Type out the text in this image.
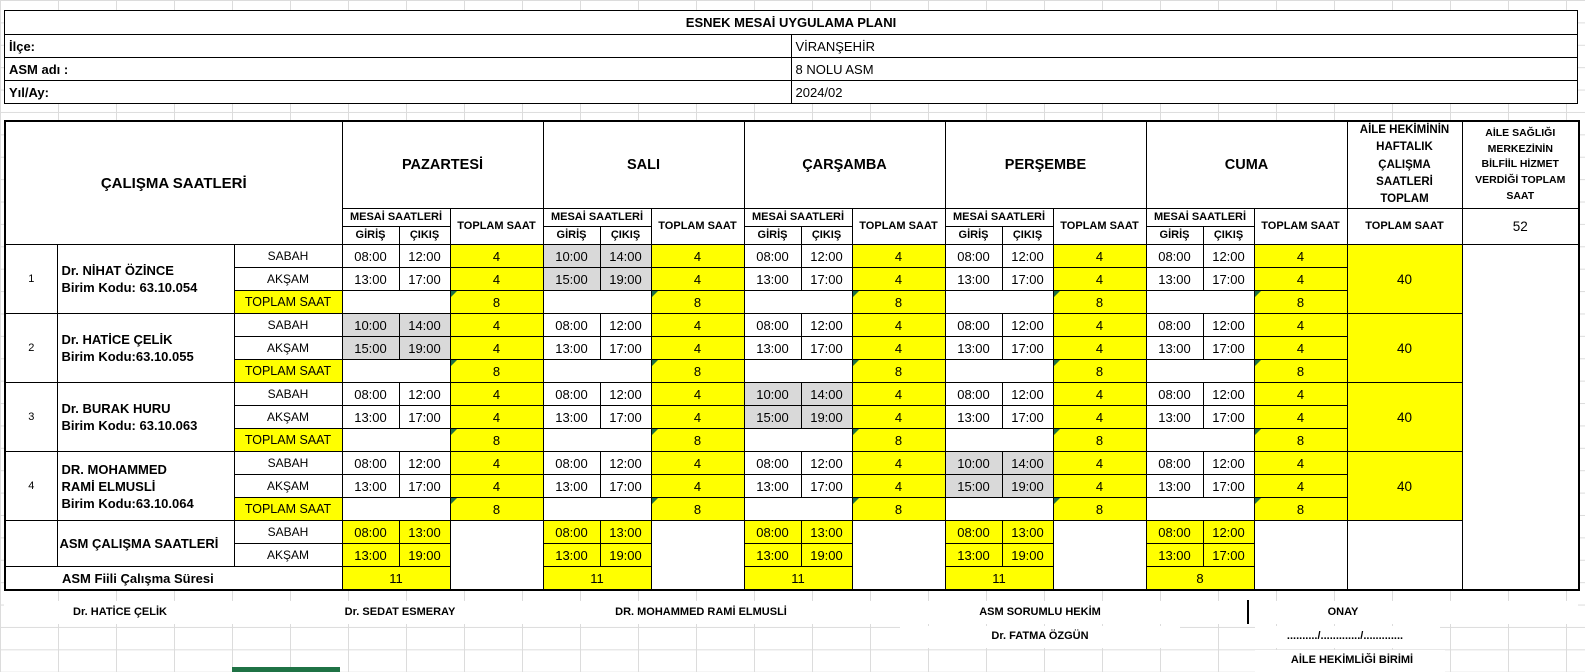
ESNEK MESAİ UYGULAMA PLANI	
İlçe:	VİRANŞEHİR
ASM adı :	8 NOLU ASM
Yıl/Ay:	2024/02
ÇALIŞMA SAATLERİ			PAZARTESİ			SALI			ÇARŞAMBA			PERŞEMBE			CUMA			AİLE HEKİMİNİN HAFTALIK ÇALIŞMA SAATLERİ TOPLAM	AİLE SAĞLIĞI MERKEZİNİN BİLFİİL HİZMET VERDİĞİ TOPLAM SAAT
			MESAİ SAATLERİ		TOPLAM SAAT	MESAİ SAATLERİ		TOPLAM SAAT	MESAİ SAATLERİ		TOPLAM SAAT	MESAİ SAATLERİ		TOPLAM SAAT	MESAİ SAATLERİ		TOPLAM SAAT	TOPLAM SAAT	52
			GİRİŞ	ÇIKIŞ		GİRİŞ	ÇIKIŞ		GİRİŞ	ÇIKIŞ		GİRİŞ	ÇIKIŞ		GİRİŞ	ÇIKIŞ			
1	Dr. NİHAT ÖZİNCE
Birim Kodu: 63.10.054	SABAH	08:00	12:00	4	10:00	14:00	4	08:00	12:00	4	08:00	12:00	4	08:00	12:00	4	40	
		AKŞAM	13:00	17:00	4	15:00	19:00	4	13:00	17:00	4	13:00	17:00	4	13:00	17:00	4		
		TOPLAM SAAT			8			8			8			8			8		
2	Dr. HATİCE ÇELİK
Birim Kodu:63.10.055	SABAH	10:00	14:00	4	08:00	12:00	4	08:00	12:00	4	08:00	12:00	4	08:00	12:00	4	40	
		AKŞAM	15:00	19:00	4	13:00	17:00	4	13:00	17:00	4	13:00	17:00	4	13:00	17:00	4		
		TOPLAM SAAT			8			8			8			8			8		
3	Dr. BURAK HURU
Birim Kodu: 63.10.063	SABAH	08:00	12:00	4	08:00	12:00	4	10:00	14:00	4	08:00	12:00	4	08:00	12:00	4	40	
		AKŞAM	13:00	17:00	4	13:00	17:00	4	15:00	19:00	4	13:00	17:00	4	13:00	17:00	4		
		TOPLAM SAAT			8			8			8			8			8		
4	DR. MOHAMMED
RAMİ ELMUSLİ
Birim Kodu:63.10.064	SABAH	08:00	12:00	4	08:00	12:00	4	08:00	12:00	4	10:00	14:00	4	08:00	12:00	4	40	
		AKŞAM	13:00	17:00	4	13:00	17:00	4	13:00	17:00	4	15:00	19:00	4	13:00	17:00	4		
		TOPLAM SAAT			8			8			8			8			8		
	ASM ÇALIŞMA SAATLERİ	SABAH	08:00	13:00		08:00	13:00		08:00	13:00		08:00	13:00		08:00	12:00			
		AKŞAM	13:00	19:00		13:00	19:00		13:00	19:00		13:00	19:00		13:00	17:00			
ASM Fiili Çalışma Süresi			11			11			11			11			8				
Dr. HATİCE ÇELİK	Dr. SEDAT ESMERAY	DR. MOHAMMED RAMİ ELMUSLİ	ASM SORUMLU HEKİM
Dr. FATMA ÖZGÜN
ONAY
........../............./.............
AİLE HEKİMLİĞİ BİRİMİ
